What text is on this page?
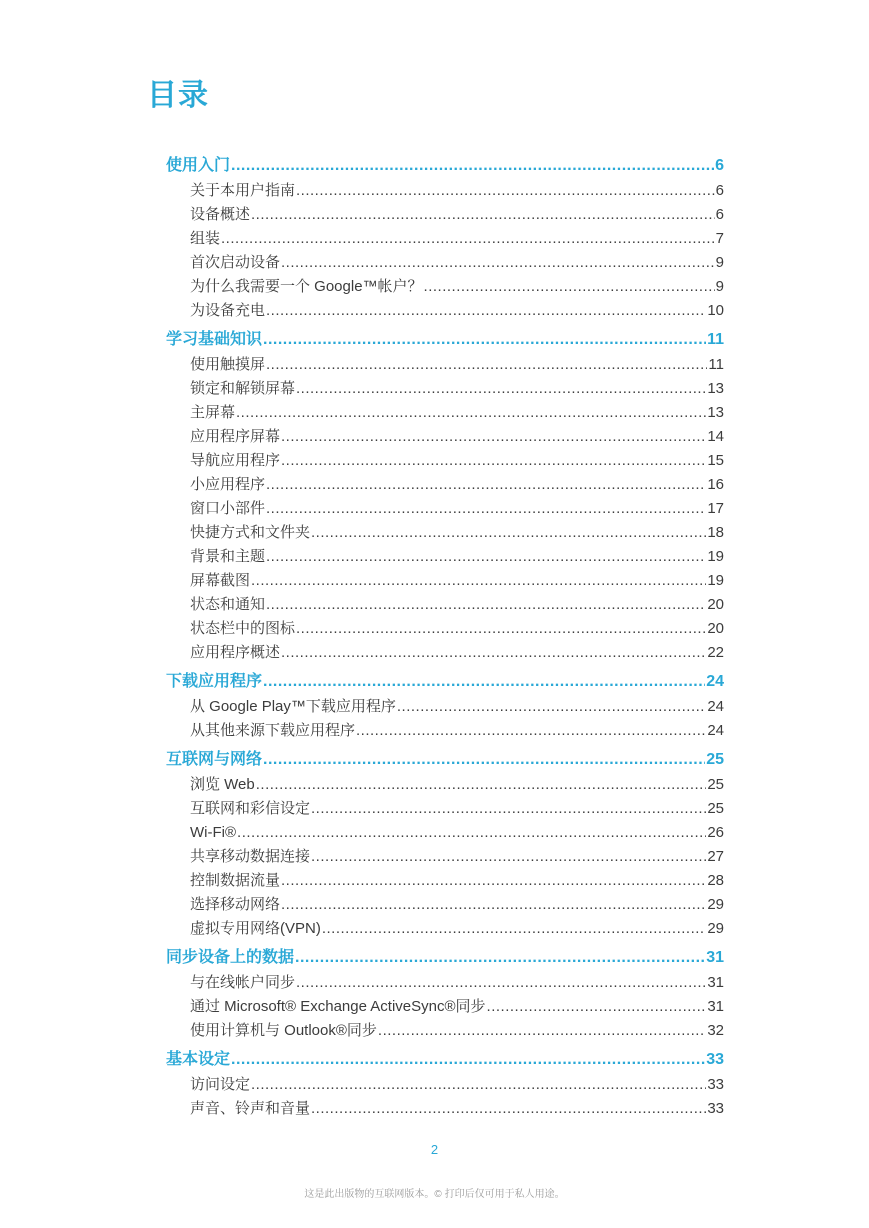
目录
使用入门 .....	6
关于本用户指南 .....	6
设备概述 .....	6
组装 .....	7
首次启动设备 .....	9
为什么我需要一个 Google™帐户？ .....	9
为设备充电 .....	10
学习基础知识 .....	11
使用触摸屏 .....	11
锁定和解锁屏幕 .....	13
主屏幕 .....	13
应用程序屏幕 .....	14
导航应用程序 .....	15
小应用程序 .....	16
窗口小部件 .....	17
快捷方式和文件夹 .....	18
背景和主题 .....	19
屏幕截图 .....	19
状态和通知 .....	20
状态栏中的图标 .....	20
应用程序概述 .....	22
下载应用程序 .....	24
从 Google Play™下载应用程序 .....	24
从其他来源下载应用程序 .....	24
互联网与网络 .....	25
浏览 Web .....	25
互联网和彩信设定 .....	25
Wi-Fi® .....	26
共享移动数据连接 .....	27
控制数据流量 .....	28
选择移动网络 .....	29
虚拟专用网络(VPN) .....	29
同步设备上的数据 .....	31
与在线帐户同步 .....	31
通过 Microsoft® Exchange ActiveSync®同步 .....	31
使用计算机与 Outlook®同步 .....	32
基本设定 .....	33
访问设定 .....	33
声音、铃声和音量 .....	33
2
这是此出版物的互联网版本。© 打印后仅可用于私人用途。
